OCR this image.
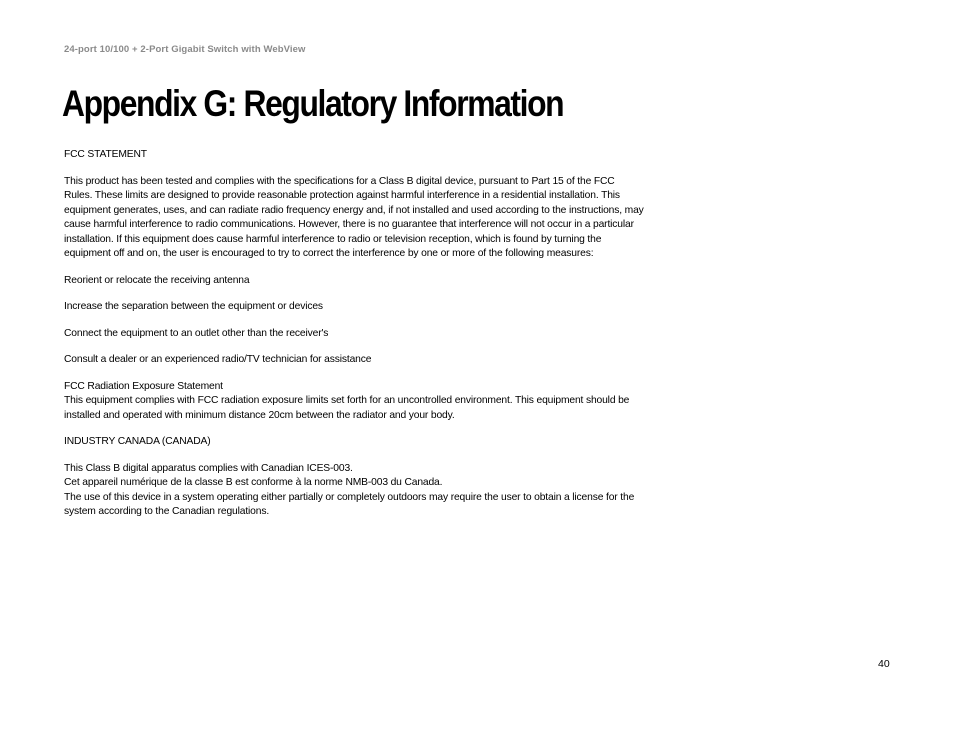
24-port 10/100 + 2-Port Gigabit Switch with WebView
Appendix G: Regulatory Information

FCC STATEMENT

This product has been tested and complies with the specifications for a Class B digital device, pursuant to Part 15 of the FCC Rules. These limits are designed to provide reasonable protection against harmful interference in a residential installation. This equipment generates, uses, and can radiate radio frequency energy and, if not installed and used according to the instructions, may cause harmful interference to radio communications. However, there is no guarantee that interference will not occur in a particular installation. If this equipment does cause harmful interference to radio or television reception, which is found by turning the equipment off and on, the user is encouraged to try to correct the interference by one or more of the following measures:

Reorient or relocate the receiving antenna

Increase the separation between the equipment or devices

Connect the equipment to an outlet other than the receiver's

Consult a dealer or an experienced radio/TV technician for assistance

FCC Radiation Exposure Statement

This equipment complies with FCC radiation exposure limits set forth for an uncontrolled environment. This equipment should be installed and operated with minimum distance 20cm between the radiator and your body.

INDUSTRY CANADA (CANADA)

This Class B digital apparatus complies with Canadian ICES-003.

Cet appareil numérique de la classe B est conforme à la norme NMB-003 du Canada.

The use of this device in a system operating either partially or completely outdoors may require the user to obtain a license for the system according to the Canadian regulations.

40
